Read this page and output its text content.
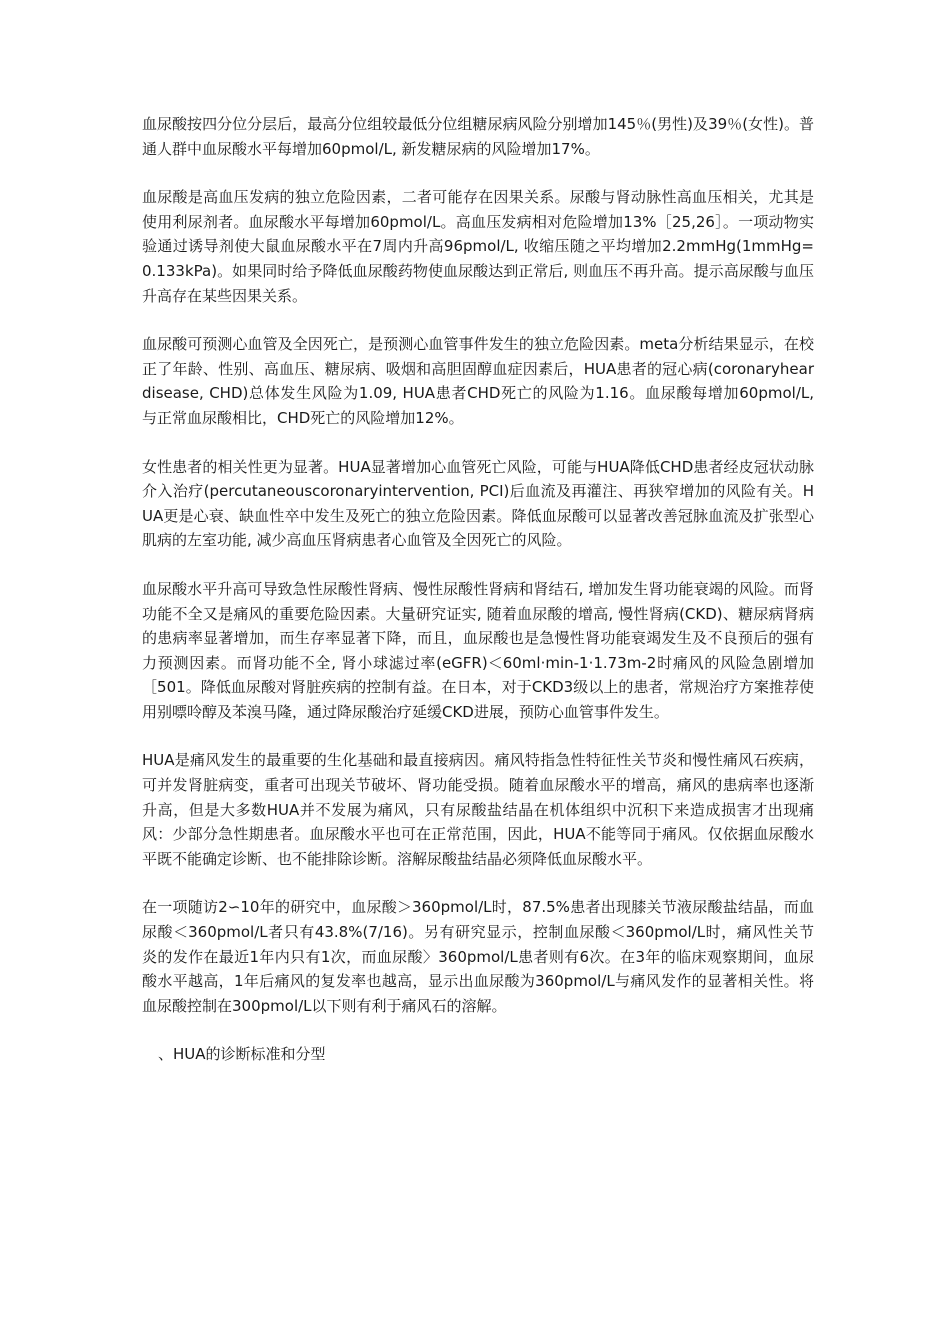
血尿酸按四分位分层后，最高分位组较最低分位组糖尿病风险分别增加145％(男性)及39％(女性)。普通人群中血尿酸水平每增加60pmol/L, 新发糖尿病的风险增加17%。

血尿酸是高血压发病的独立危险因素，二者可能存在因果关系。尿酸与肾动脉性高血压相关，尤其是使用利尿剂者。血尿酸水平每增加60pmol/L。高血压发病相对危险增加13%［25,26］。一项动物实验通过诱导剂使大鼠血尿酸水平在7周内升高96pmol/L, 收缩压随之平均增加2.2mmHg(1mmHg=0.133kPa)。如果同时给予降低血尿酸药物使血尿酸达到正常后, 则血压不再升高。提示高尿酸与血压升高存在某些因果关系。

血尿酸可预测心血管及全因死亡，是预测心血管事件发生的独立危险因素。meta分析结果显示，在校正了年龄、性别、高血压、糖尿病、吸烟和高胆固醇血症因素后，HUA患者的冠心病(coronaryheardisease, CHD)总体发生风险为1.09, HUA患者CHD死亡的风险为1.16。血尿酸每增加60pmol/L, 与正常血尿酸相比，CHD死亡的风险增加12%。

女性患者的相关性更为显著。HUA显著增加心血管死亡风险，可能与HUA降低CHD患者经皮冠状动脉介入治疗(percutaneouscoronaryintervention, PCI)后血流及再灌注、再狭窄增加的风险有关。HUA更是心衰、缺血性卒中发生及死亡的独立危险因素。降低血尿酸可以显著改善冠脉血流及扩张型心肌病的左室功能, 减少高血压肾病患者心血管及全因死亡的风险。

血尿酸水平升高可导致急性尿酸性肾病、慢性尿酸性肾病和肾结石, 增加发生肾功能衰竭的风险。而肾功能不全又是痛风的重要危险因素。大量研究证实, 随着血尿酸的增高, 慢性肾病(CKD)、糖尿病肾病的患病率显著增加，而生存率显著下降，而且，血尿酸也是急慢性肾功能衰竭发生及不良预后的强有力预测因素。而肾功能不全, 肾小球滤过率(eGFR)＜60ml·min-1·1.73m-2时痛风的风险急剧增加［501。降低血尿酸对肾脏疾病的控制有益。在日本，对于CKD3级以上的患者，常规治疗方案推荐使用别嘌呤醇及苯溴马隆，通过降尿酸治疗延缓CKD进展，预防心血管事件发生。

HUA是痛风发生的最重要的生化基础和最直接病因。痛风特指急性特征性关节炎和慢性痛风石疾病，可并发肾脏病变，重者可出现关节破坏、肾功能受损。随着血尿酸水平的增高，痛风的患病率也逐渐升高，但是大多数HUA并不发展为痛风，只有尿酸盐结晶在机体组织中沉积下来造成损害才出现痛风：少部分急性期患者。血尿酸水平也可在正常范围，因此，HUA不能等同于痛风。仅依据血尿酸水平既不能确定诊断、也不能排除诊断。溶解尿酸盐结晶必须降低血尿酸水平。

在一项随访2∽10年的研究中，血尿酸＞360pmol/L时，87.5%患者出现膝关节液尿酸盐结晶，而血尿酸＜360pmol/L者只有43.8%(7/16)。另有研究显示，控制血尿酸＜360pmol/L时，痛风性关节炎的发作在最近1年内只有1次，而血尿酸〉360pmol/L患者则有6次。在3年的临床观察期间，血尿酸水平越高，1年后痛风的复发率也越高，显示出血尿酸为360pmol/L与痛风发作的显著相关性。将血尿酸控制在300pmol/L以下则有利于痛风石的溶解。

、HUA的诊断标准和分型
